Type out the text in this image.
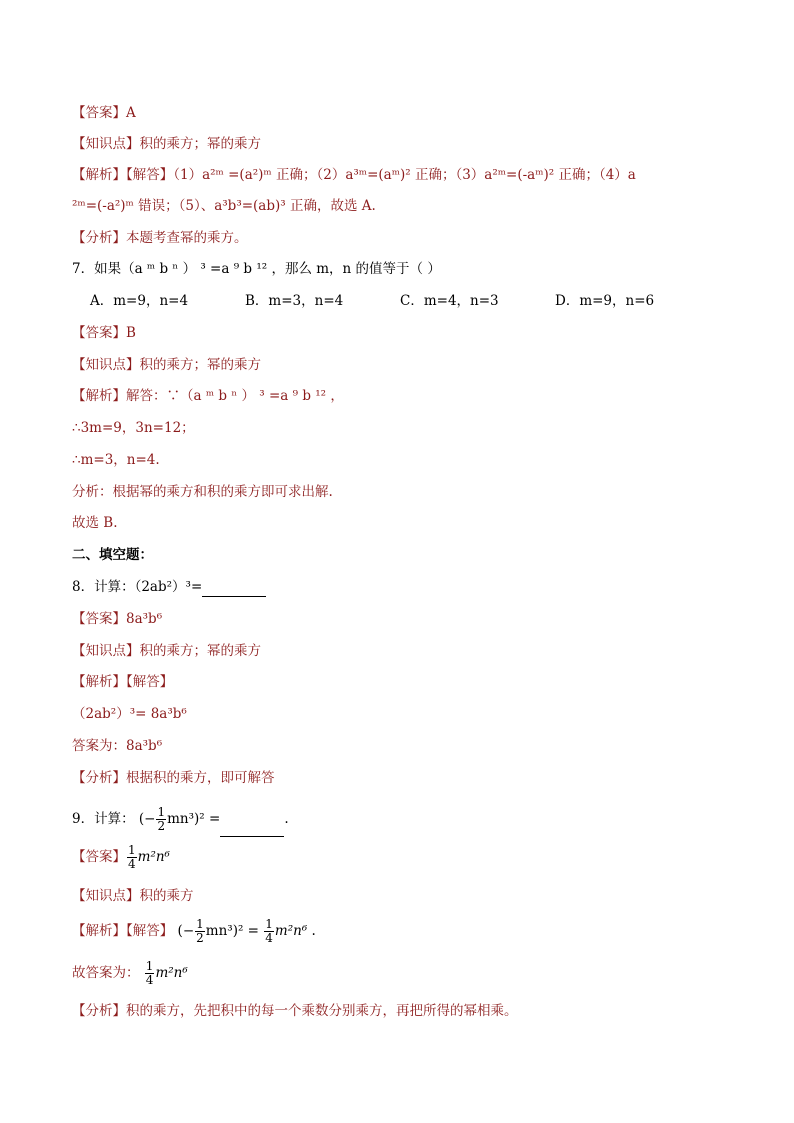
【答案】A
【知识点】积的乘方；幂的乘方
【解析】【解答】（1）a²ᵐ =(a²)ᵐ 正确；（2）a³ᵐ=(aᵐ)² 正确；（3）a²ᵐ=(-aᵐ)² 正确；（4）a
²ᵐ=(-a²)ᵐ 错误；（5）、a³b³=(ab)³ 正确，故选 A.
【分析】本题考查幂的乘方。
7．如果（a ᵐ b ⁿ ） ³ =a ⁹ b ¹² ，那么 m，n 的值等于（ ）
A．m=9，n=4	B．m=3，n=4	C．m=4，n=3	D．m=9，n=6
【答案】B
【知识点】积的乘方；幂的乘方
【解析】解答：∵（a ᵐ b ⁿ ） ³ =a ⁹ b ¹² ，
∴3m=9，3n=12；
∴m=3，n=4.
分析：根据幂的乘方和积的乘方即可求出解.
故选 B.
二、填空题：
8．计算：（2ab²）³=
【答案】8a³b⁶
【知识点】积的乘方；幂的乘方
【解析】【解答】
（2ab²）³= 8a³b⁶
答案为：8a³b⁶
【分析】根据积的乘方，即可解答
9．计算： (− $\frac{1}{2} mn^3)^2$ =	.
【答案】 $\frac{1}{4} m^2n^6$
【知识点】积的乘方
【解析】【解答】 (− $\frac{1}{2} mn^3)^2 = \frac{1}{4} m^2n^6$ .
故答案为： $\frac{1}{4} m^2n^6$
【分析】积的乘方，先把积中的每一个乘数分别乘方，再把所得的幂相乘。
